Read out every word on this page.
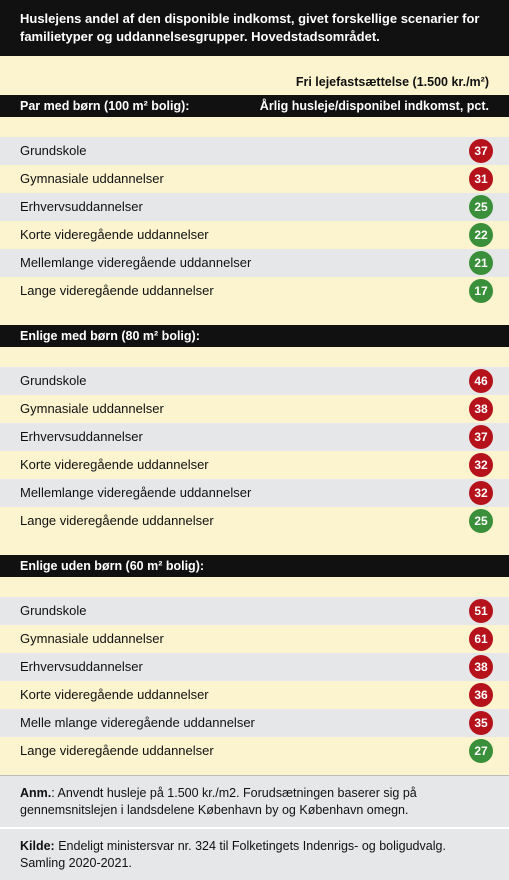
Huslejens andel af den disponible indkomst, givet forskellige scenarier for familietyper og uddannelsesgrupper. Hovedstadsområdet.
Fri lejefastsættelse (1.500 kr./m²)
Par med børn (100 m² bolig):	Årlig husleje/disponibel indkomst, pct.
Grundskole	37
Gymnasiale uddannelser	31
Erhvervsuddannelser	25
Korte videregående uddannelser	22
Mellemlange videregående uddannelser	21
Lange videregående uddannelser	17
Enlige med børn (80 m² bolig):
Grundskole	46
Gymnasiale uddannelser	38
Erhvervsuddannelser	37
Korte videregående uddannelser	32
Mellemlange videregående uddannelser	32
Lange videregående uddannelser	25
Enlige uden børn (60 m² bolig):
Grundskole	51
Gymnasiale uddannelser	61
Erhvervsuddannelser	38
Korte videregående uddannelser	36
Melle mlange videregående uddannelser	35
Lange videregående uddannelser	27
Anm.: Anvendt husleje på 1.500 kr./m2. Forudsætningen baserer sig på gennemsnitslejen i landsdelene København by og København omegn.
Kilde: Endeligt ministersvar nr. 324 til Folketingets Indenrigs- og boligudvalg. Samling 2020-2021.
